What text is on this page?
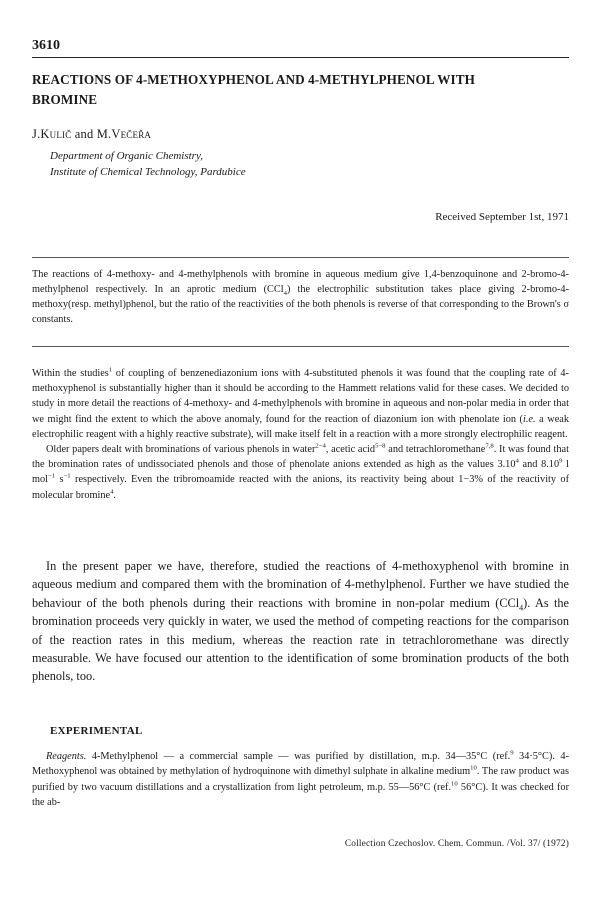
3610
REACTIONS OF 4-METHOXYPHENOL AND 4-METHYLPHENOL WITH BROMINE
J.Kulič and M.Večeřa
Department of Organic Chemistry,
Institute of Chemical Technology, Pardubice
Received September 1st, 1971

The reactions of 4-methoxy- and 4-methylphenols with bromine in aqueous medium give 1,4-benzoquinone and 2-bromo-4-methylphenol respectively. In an aprotic medium (CCl$_4$) the electrophilic substitution takes place giving 2-bromo-4-methoxy(resp. methyl)phenol, but the ratio of the reactivities of the both phenols is reverse of that corresponding to the Brown's σ constants.

Within the studies$^1$ of coupling of benzenediazonium ions with 4-substituted phenols it was found that the coupling rate of 4-methoxyphenol is substantially higher than it should be according to the Hammett relations valid for these cases. We decided to study in more detail the reactions of 4-methoxy- and 4-methylphenols with bromine in aqueous and non-polar media in order that we might find the extent to which the above anomaly, found for the reaction of diazonium ion with phenolate ion (i.e. a weak electrophilic reagent with a highly reactive substrate), will make itself felt in a reaction with a more strongly electrophilic reagent.

Older papers dealt with brominations of various phenols in water$^{2-4}$, acetic acid$^{5-8}$ and tetrachloromethane$^{7,8}$. It was found that the bromination rates of undissociated phenols and those of phenolate anions extended as high as the values 3.10$^4$ and 8.10$^9$ l mol$^{-1}$ $s^{-1}$ respectively. Even the tribromoamide reacted with the anions, its reactivity being about 1−3% of the reactivity of molecular bromine$^4$.

In the present paper we have, therefore, studied the reactions of 4-methoxyphenol with bromine in aqueous medium and compared them with the bromination of 4-methylphenol. Further we have studied the behaviour of the both phenols during their reactions with bromine in non-polar medium (CCl$_4$). As the bromination proceeds very quickly in water, we used the method of competing reactions for the comparison of the reaction rates in this medium, whereas the reaction rate in tetrachloromethane was directly measurable. We have focused our attention to the identification of some bromination products of the both phenols, too.

EXPERIMENTAL

Reagents. 4-Methylphenol — a commercial sample — was purified by distillation, m.p. 34—35°C (ref.$^9$ 34·5°C). 4-Methoxyphenol was obtained by methylation of hydroquinone with dimethyl sulphate in alkaline medium$^{10}$. The raw product was purified by two vacuum distillations and a crystallization from light petroleum, m.p. 55—56°C (ref.$^{10}$ 56°C). It was checked for the ab-

Collection Czechoslov. Chem. Commun. /Vol. 37/ (1972)
